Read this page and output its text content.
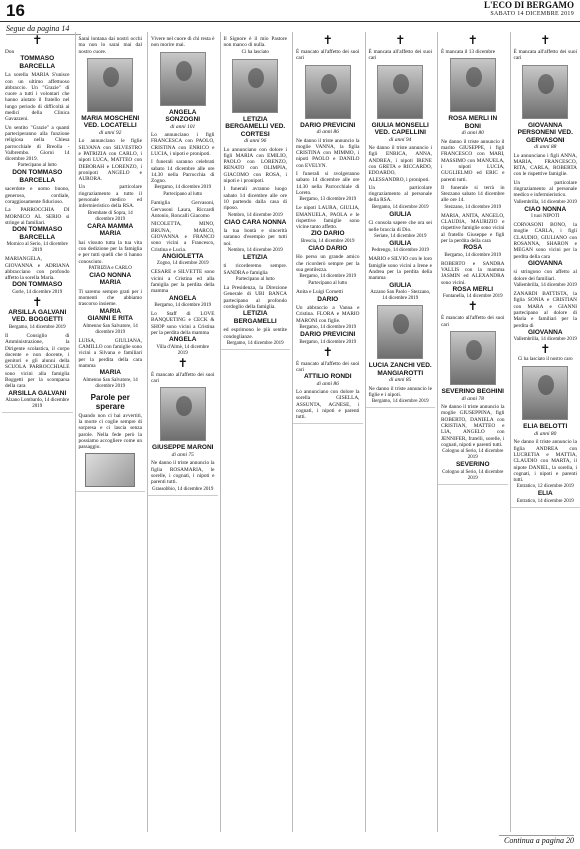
16	L'ECO DI BERGAMO
SABATO 14 DICEMBRE 2019
Segue da pagina 14
✝
Don
TOMMASO BARCELLA
La sorella MARIA S'unisce con un ultimo affettuoso abbraccio. Un "Grazie" di cuore a tutti i volontari che hanno aiutato il fratello nel lungo periodo di difficoltà ai medici della Clinica Gavazzeni.
Un sentito "Grazie" a quanti parteciperanno alla funzione religiosa nella Chiesa parrocchiale di Breolla - Valbrembo. Giorni 14 dicembre 2019.
Partecipano al lutto
DON TOMMASO BARCELLA
sacerdote e uomo buono, generoso, cordiale, coraggiosamente fiducioso.
La PARROCCHIA DI MORNICO AL SERIO si stringe ai familiari.
DON TOMMASO BARCELLA
Mornico al Serio, 14 dicembre 2019
MARIANGELA, GIOVANNA e ADRIANA abbracciano con profondo affetto la sorella Maria.
DON TOMMASO
Gorle, 14 dicembre 2019
✝
ARSILLA GALVANI VED. BOGGETTI
Bergamo, 14 dicembre 2019
Il Consiglio di Amministrazione, la Dirigente scolastica, il corpo docente e non docente, i genitori e gli alunni della SCUOLA PARROCCHIALE sono vicini alla famiglia Boggetti per la scomparsa della cara
ARSILLA GALVANI
Alzano Lombardo, 14 dicembre 2019
Sarai lontana dai nostri occhi ma non lo sarai mai dal nostro cuore.
MARIA MOSCHENI VED. LOCATELLI
di anni 92
Lo annunciano le figlie SILVANA con SILVESTRO e PATRIZIA con CARLO, i nipoti LUCA, MATTEO con DEBORAH e LORENZO, i pronipoti ANGELO e AURORA.
Un particolare ringraziamento a tutto il personale medico ed infermieristico della RSA.
Brembate di Sopra, 14 dicembre 2019
CARA MAMMA MARIA
hai vissuto tutta la tua vita con dedizione per la famiglia e per tutti quelli che ti hanno conosciuto.
PATRIZIA e CARLO
CIAO NONNA MARIA
Ti saremo sempre grati per i momenti che abbiamo trascorso insieme.
MARIA
GIANNI E RITA
Almenno San Salvatore, 14 dicembre 2019
LUISA, GIULIANA, CAMILLO con famiglie sono vicini a Silvana e familiari per la perdita della cara mamma
MARIA
Almenno San Salvatore, 14 dicembre 2019
Parole per sperare
Quando non ci hai avvertiti, la morte ci coglie sempre di sorpresa e ci lascia senza parole. Nella fede però la possiamo accogliere come un passaggio.
Vivere nel cuore di chi resta è non morire mai.
ANGELA SONZOGNI
di anni 101
Lo annunciano i figli FRANCESCA con PAOLO, CRISTINA con ENRICO e LUCIA, i nipoti e pronipoti.
I funerali saranno celebrati sabato 14 dicembre alle ore 14.30 nella Parrocchia di Zogno.
Bergamo, 14 dicembre 2019
Partecipano al lutto
Famiglia Gervasoni, Gervasoni Laura, Riccardi Antonio, Roncalli Giacomo
NICOLETTA, MINO, BRUNA, MARCO, GIOVANNA e FRANCO sono vicini a Francesco, Cristina e Lucia.
ANGIOLETTA
Zogno, 14 dicembre 2019
CESARE e SILVETTE sono vicini a Cristina ed alla famiglia per la perdita della mamma
ANGELA
Bergamo, 14 dicembre 2019
Lo Staff di LOVE BANQUETING e CECK & SHOP sono vicini a Cristina per la perdita della mamma
ANGELA
Villa d'Almè, 14 dicembre 2019
✝
È mancato all'affetto dei suoi cari
GIUSEPPE MARONI
di anni 75
Ne danno il triste annuncio la figlia ROSAMARIA, le sorelle, i cognati, i nipoti e parenti tutti.
Grassobbio, 14 dicembre 2019
Il Signore è il mio Pastore non manco di nulla.
Ci ha lasciato
LETIZIA BERGAMELLI VED. CORTESI
di anni 96
Lo annunciano con dolore i figli MARIA con EMILIO, PAOLO con LORENZO, RENATO con OLIMPIA, GIACOMO con ROSA, i nipoti e i pronipoti.
I funerali avranno luogo sabato 14 dicembre alle ore 10 partendo dalla casa di riposo.
Nembro, 14 dicembre 2019
CIAO CARA NONNA
la tua bontà e sincerità saranno d'esempio per tutti noi.
Nembro, 14 dicembre 2019
LETIZIA
ti ricorderemo sempre. SANDRA e famiglia
Partecipano al lutto
La Presidenza, la Direzione Generale di UBI BANCA partecipano al profondo cordoglio della famiglia.
LETIZIA BERGAMELLI
ed esprimono le più sentite condoglianze.
Bergamo, 14 dicembre 2019
✝
È mancato all'affetto dei suoi cari
DARIO PREVICINI
di anni 86
Ne danno il triste annuncio la moglie VANNA, la figlia CRISTINA con MIMMO, i nipoti PAOLO e DANILO con EVELYN.
I funerali si svolgeranno sabato 14 dicembre alle ore 14.30 nella Parrocchiale di Loreto.
Bergamo, 13 dicembre 2019
Le nipoti LAURA, GIULIA, EMANUELA, PAOLA e le rispettive famiglie sono vicine tanto affetto.
ZIO DARIO
Brescia, 14 dicembre 2019
CIAO DARIO
Ho perso un grande amico che ricorderò sempre per la sua gentilezza.
Bergamo, 14 dicembre 2019
Partecipano al lutto
Anita e Luigi Cornetti
DARIO
Un abbraccio a Vanna e Cristina. FLORA e MARIO MARONI con figlie.
Bergamo, 14 dicembre 2019
DARIO PREVICINI
Bergamo, 14 dicembre 2019
✝
È mancato all'affetto dei suoi cari
ATTILIO RONDI
di anni 86
Lo annunciano con dolore la sorella GISELLA, ASSUNTA, AGNESE, i cognati, i nipoti e parenti tutti.
✝
È mancata all'affetto dei suoi cari
GIULIA MONSELLI VED. CAPELLINI
di anni 94
Ne danno il triste annuncio i figli ENRICA, ANNA, ANDREA, i nipoti IRENE con GRETA e RICCARDO, EDOARDO, ALESSANDRO, i pronipoti.
Un particolare ringraziamento al personale della RSA.
Bergamo, 14 dicembre 2019
GIULIA
Ci consola sapere che ora sei nelle braccia di Dio.
Seriate, 14 dicembre 2019
GIULIA
Pedrengo, 14 dicembre 2019
MARIO e SILVIO con le loro famiglie sono vicini a Irene e Andrea per la perdita della mamma
GIULIA
Azzano San Paolo - Stezzano, 14 dicembre 2019
LUCIA ZANCHI VED. MANGIAROTTI
di anni 85
Ne danno il triste annuncio le figlie e i nipoti.
Bergamo, 14 dicembre 2019
✝
È mancata il 13 dicembre
ROSA MERLI IN BONI
di anni 80
Ne danno il triste annuncio il marito GIUSEPPE, i figli FRANCESCO con MARI, MASSIMO con MANUELA, i nipoti LUCIA, GUGLIELMO ed ERIC e parenti tutti.
Il funerale si terrà in Stezzano sabato 14 dicembre alle ore 14.
Stezzano, 14 dicembre 2019
MARIA, ANITA, ANGELO, CLAUDIA, MAURIZIO e rispettive famiglie sono vicini al fratello Giuseppe e figli per la perdita della cara
ROSA
Bergamo, 14 dicembre 2019
ROBERTO e SANDRA VALLIS con la mamma JASMIN ed ALEXANDRA sono vicini.
ROSA MERLI
Fontanella, 14 dicembre 2019
✝
È mancato all'affetto dei suoi cari
SEVERINO BEGHINI
di anni 78
Ne danno il triste annuncio la moglie GIUSEPPINA, figli ROBERTO, DANIELA con CRISTIAN, MATTEO e LIA, ANGELO con JENNIFER, fratelli, sorelle, i cognati, nipoti e parenti tutti.
Cologno al Serio, 14 dicembre 2019
SEVERINO
Cologno al Serio, 14 dicembre 2019
✝
È mancata all'affetto dei suoi cari
GIOVANNA PERSONENI VED. GERVASONI
di anni 88
Lo annunciano i figli ANNA, MARIA, FRANCESCO, RITA, CARLA, ROBERTA con le rispettive famiglie.
Un particolare ringraziamento al personale medico e infermieristico.
Vallembrillа, 14 dicembre 2019
CIAO NONNA
I tuoi NIPOTI
CORVASONI BONO, la moglie CARLA, i figli CLAUDIO, GIULIANO con ROSANNA, SHARON e MEGAN sono vicini per la perdita della cara
GIOVANNA
si stringono con affetto al dolore dei familiari.
Vallembrillа, 14 dicembre 2019
ZANARDI BATTISTA, la figlia SONIA e CRISTIAN con MARA e GIANNI partecipano al dolore di Maria e familiari per la perdita di
GIOVANNA
Vallembrillа, 14 dicembre 2019
✝
Ci ha lasciato il nostro caro
ELIA BELOTTI
di anni 80
Ne danno il triste annuncio la figlia ANDREA con LUCRETIA e MATTIA, CLAUDIO con MARTA, il nipote DANIEL, la sorella, i cognati, i nipoti e parenti tutti.
Entratico, 12 dicembre 2019
ELIA
Entratico, 14 dicembre 2019
Continua a pagina 20
